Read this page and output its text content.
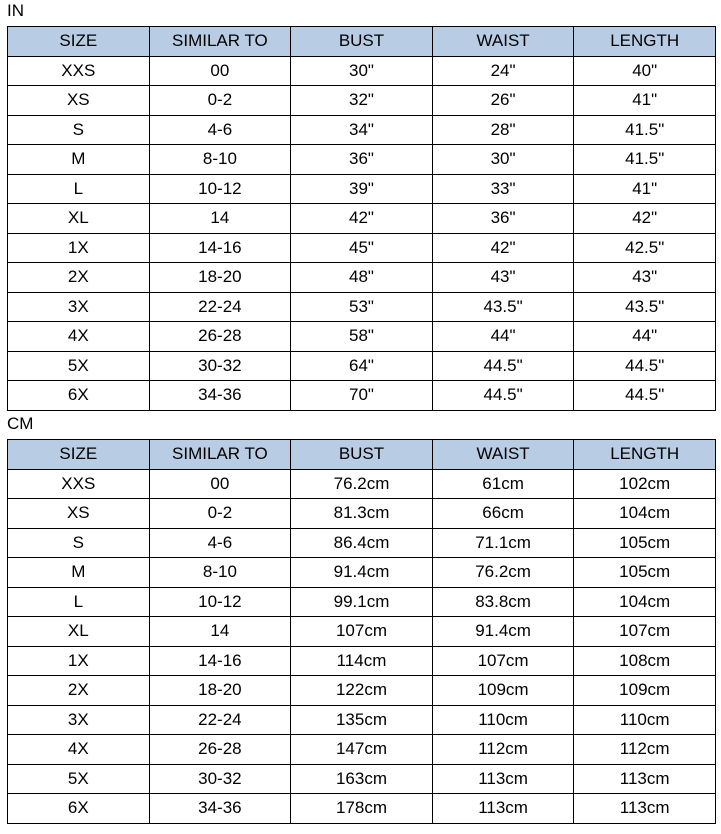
IN
SIZE	SIMILAR TO	BUST	WAIST	LENGTH
XXS	00	30"	24"	40"
XS	0-2	32"	26"	41"
S	4-6	34"	28"	41.5"
M	8-10	36"	30"	41.5"
L	10-12	39"	33"	41"
XL	14	42"	36"	42"
1X	14-16	45"	42"	42.5"
2X	18-20	48"	43"	43"
3X	22-24	53"	43.5"	43.5"
4X	26-28	58"	44"	44"
5X	30-32	64"	44.5"	44.5"
6X	34-36	70"	44.5"	44.5"
CM
SIZE	SIMILAR TO	BUST	WAIST	LENGTH
XXS	00	76.2cm	61cm	102cm
XS	0-2	81.3cm	66cm	104cm
S	4-6	86.4cm	71.1cm	105cm
M	8-10	91.4cm	76.2cm	105cm
L	10-12	99.1cm	83.8cm	104cm
XL	14	107cm	91.4cm	107cm
1X	14-16	114cm	107cm	108cm
2X	18-20	122cm	109cm	109cm
3X	22-24	135cm	110cm	110cm
4X	26-28	147cm	112cm	112cm
5X	30-32	163cm	113cm	113cm
6X	34-36	178cm	113cm	113cm
